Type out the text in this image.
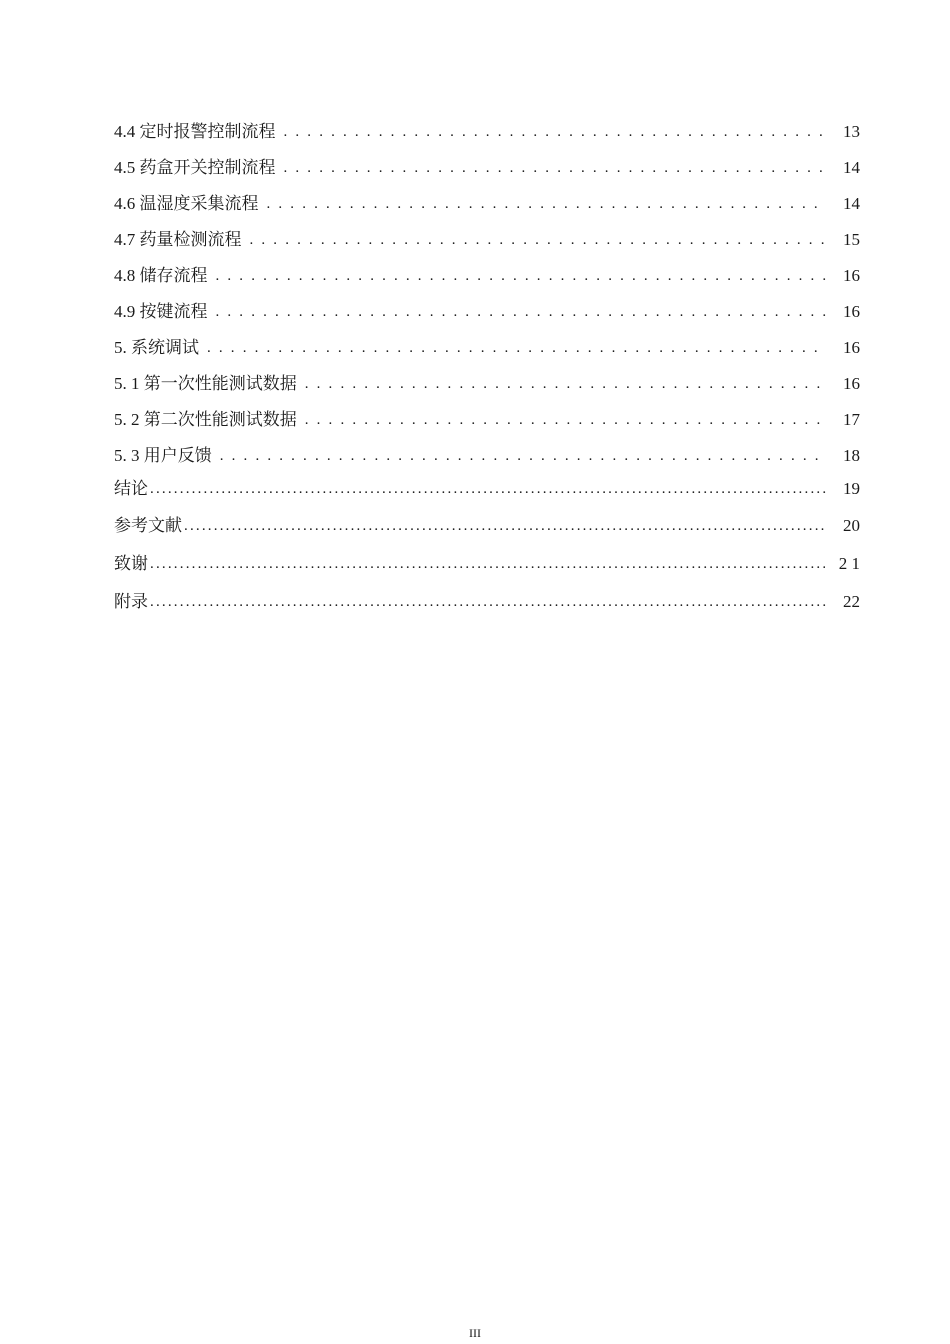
4.4 定时报警控制流程 . . .	13
4.5 药盒开关控制流程 . . .	14
4.6 温湿度采集流程 . . .	14
4.7 药量检测流程 . . .	15
4.8 储存流程 . . .	16
4.9 按键流程 . . .	16
5. 系统调试 . . .	16
5. 1 第一次性能测试数据 . . .	16
5. 2 第二次性能测试数据 . . .	17
5. 3 用户反馈 . . .	18
结论 .....	19
参考文献 .....	20
致谢 .....	2 1
附录 .....	22
III
